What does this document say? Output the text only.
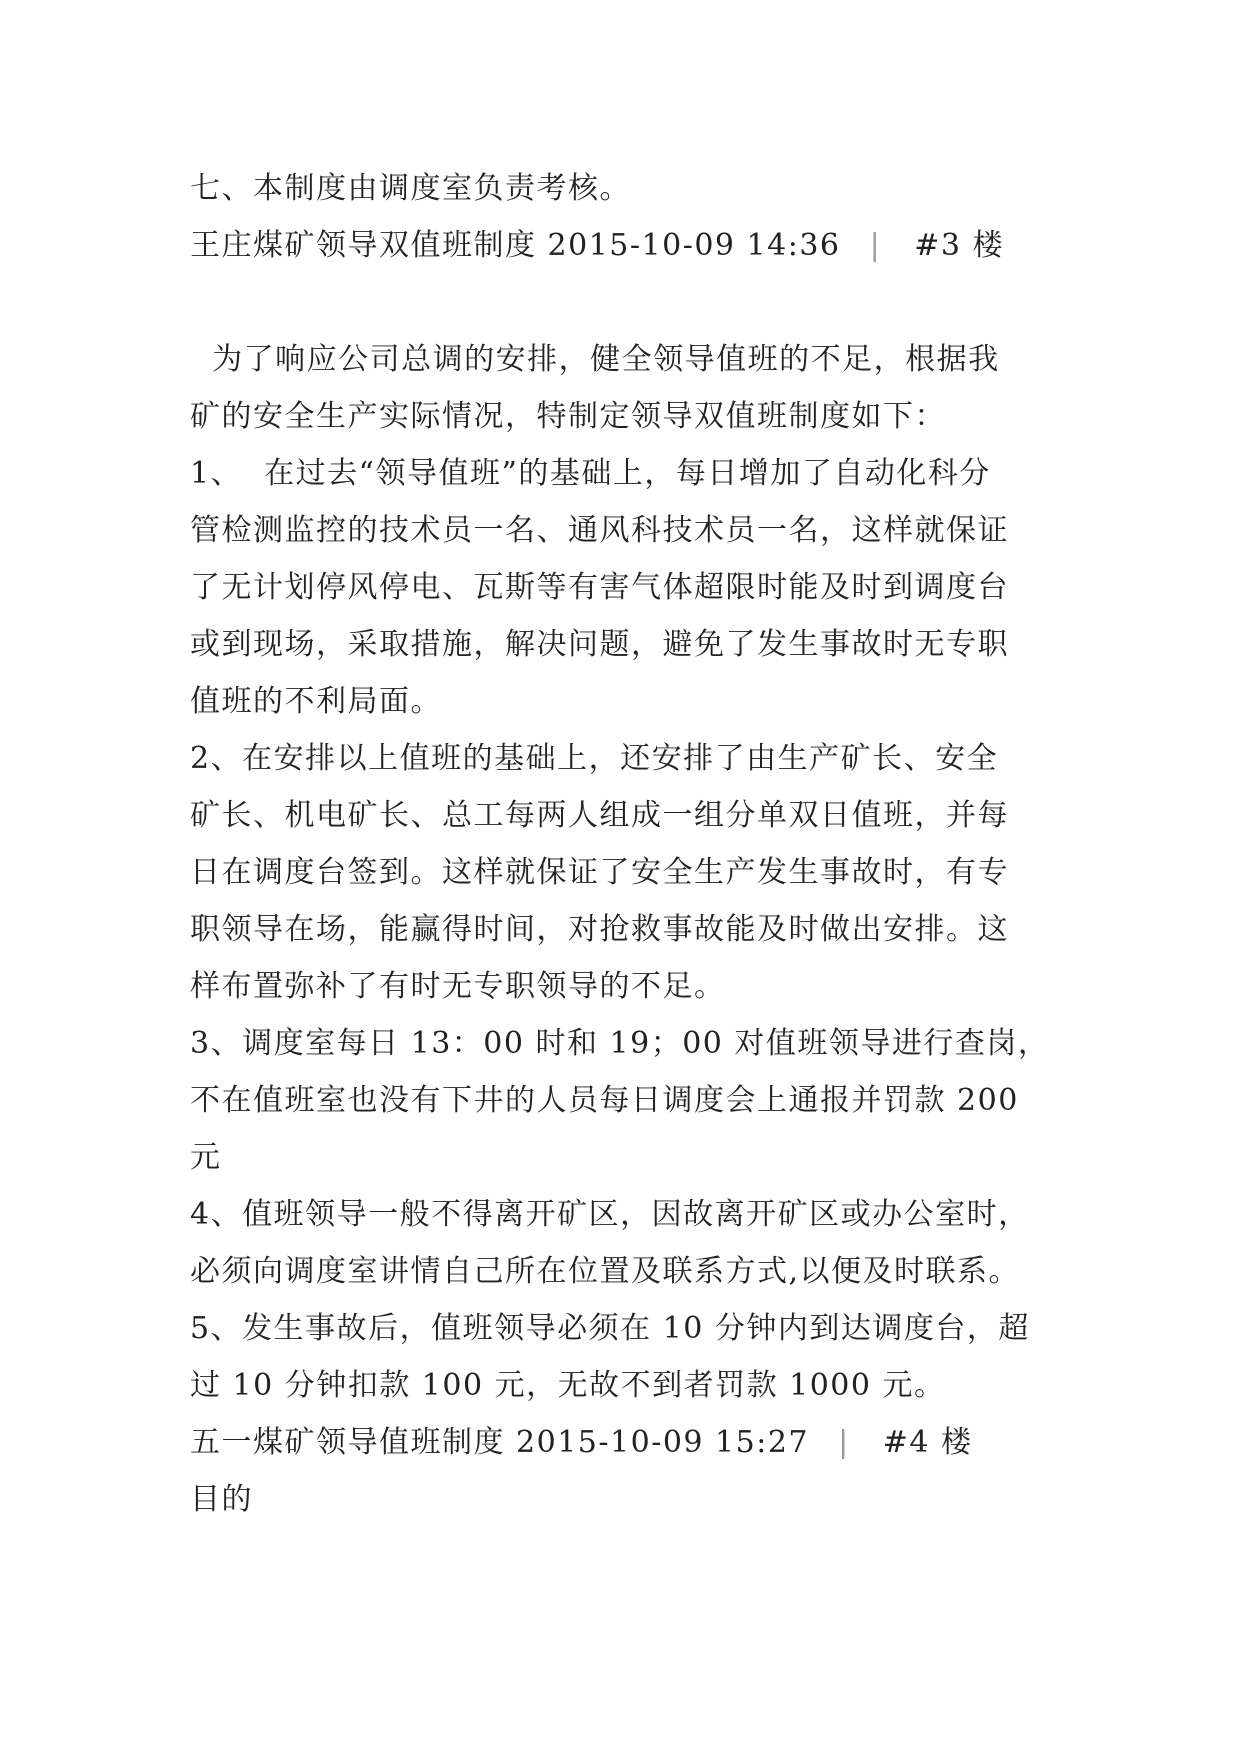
七、本制度由调度室负责考核。
王庄煤矿领导双值班制度 2015-10-09 14:36 | #3 楼
为了响应公司总调的安排，健全领导值班的不足，根据我
矿的安全生产实际情况，特制定领导双值班制度如下：
1、  在过去“领导值班”的基础上，每日增加了自动化科分
管检测监控的技术员一名、通风科技术员一名，这样就保证
了无计划停风停电、瓦斯等有害气体超限时能及时到调度台
或到现场，采取措施，解决问题，避免了发生事故时无专职
值班的不利局面。
2、在安排以上值班的基础上，还安排了由生产矿长、安全
矿长、机电矿长、总工每两人组成一组分单双日值班，并每
日在调度台签到。这样就保证了安全生产发生事故时，有专
职领导在场，能赢得时间，对抢救事故能及时做出安排。这
样布置弥补了有时无专职领导的不足。
3、调度室每日 13：00 时和 19；00 对值班领导进行查岗，
不在值班室也没有下井的人员每日调度会上通报并罚款 200
元
4、值班领导一般不得离开矿区，因故离开矿区或办公室时，
必须向调度室讲情自己所在位置及联系方式,以便及时联系。
5、发生事故后，值班领导必须在 10 分钟内到达调度台，超
过 10 分钟扣款 100 元，无故不到者罚款 1000 元。
五一煤矿领导值班制度 2015-10-09 15:27 | #4 楼
目的
